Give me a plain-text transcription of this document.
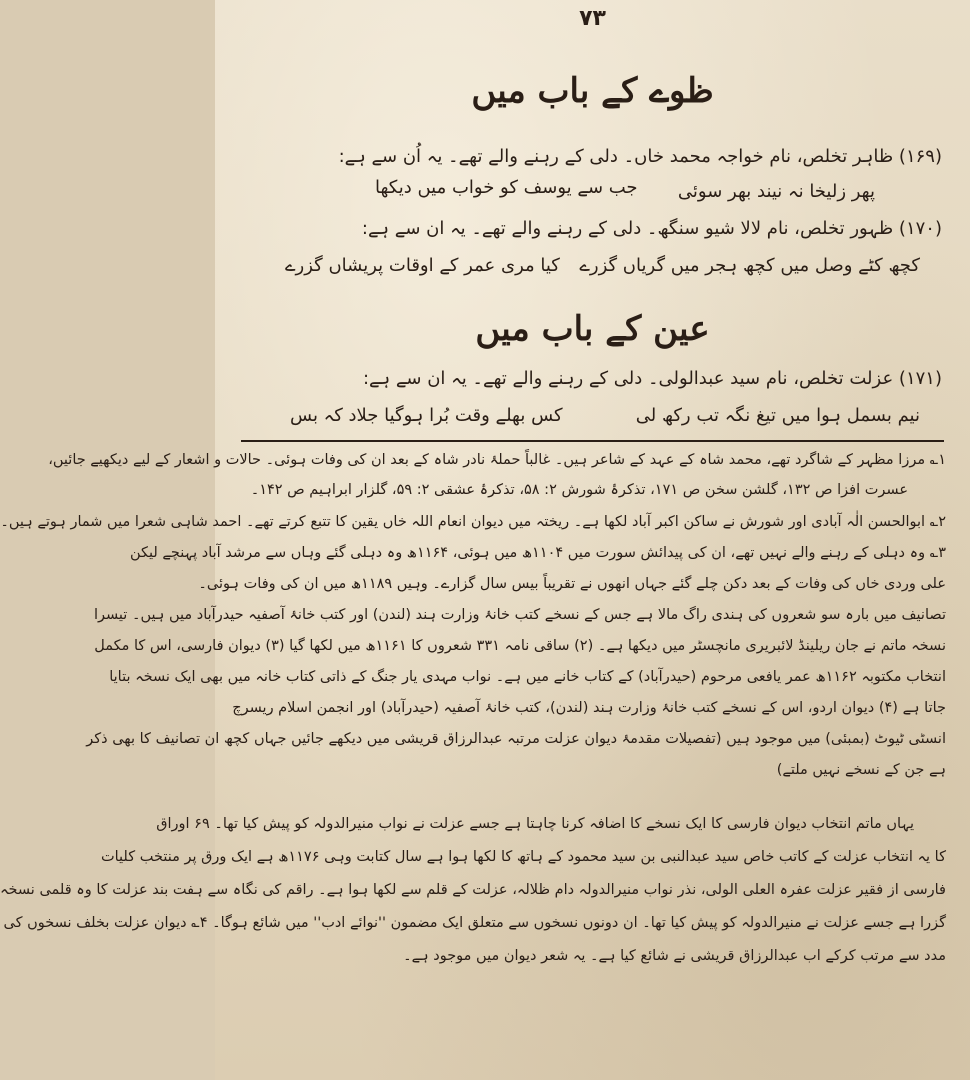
۷۳
ظوے کے باب میں
(۱۶۹) ظاہر تخلص، نام خواجہ محمد خاں۔ دلی کے رہنے والے تھے۔ یہ اُن سے ہے:
پھر زلیخا نہ نیند بھر سوئی
جب سے یوسف کو خواب میں دیکھا
(۱۷۰) ظہور تخلص، نام لالا شیو سنگھ۔ دلی کے رہنے والے تھے۔ یہ ان سے ہے:
کچھ کٹے وصل میں کچھ ہجر میں گریاں گزرے
کیا مری عمر کے اوقات پریشاں گزرے
عین کے باب میں
(۱۷۱) عزلت تخلص، نام سید عبدالولی۔ دلی کے رہنے والے تھے۔ یہ ان سے ہے:
نیم بسمل ہوا میں تیغ نگہ تب رکھ لی
کس بھلے وقت بُرا ہوگیا جلاد کہ بس
۱؎ مرزا مظہر کے شاگرد تھے، محمد شاہ کے عہد کے شاعر ہیں۔ غالباً حملۂ نادر شاہ کے بعد ان کی وفات ہوئی۔ حالات و اشعار کے لیے دیکھیے جائیں،
عسرت افزا ص ۱۳۲، گلشن سخن ص ۱۷۱، تذکرۂ شورش ۲: ۵۸، تذکرۂ عشقی ۲: ۵۹، گلزار ابراہیم ص ۱۴۲۔
۲؎ ابوالحسن الٰہ آبادی اور شورش نے ساکن اکبر آباد لکھا ہے۔ ریختہ میں دیوان انعام اللہ خاں یقین کا تتبع کرتے تھے۔ احمد شاہی شعرا میں شمار ہوتے ہیں۔
۳؎ وہ دہلی کے رہنے والے نہیں تھے، ان کی پیدائش سورت میں ۱۱۰۴ھ میں ہوئی، ۱۱۶۴ھ وہ دہلی گئے وہاں سے مرشد آباد پہنچے لیکن
علی وردی خاں کی وفات کے بعد دکن چلے گئے جہاں انھوں نے تقریباً بیس سال گزارے۔ وہیں ۱۱۸۹ھ میں ان کی وفات ہوئی۔
تصانیف میں بارہ سو شعروں کی ہندی راگ مالا ہے جس کے نسخے کتب خانۂ وزارت ہند (لندن) اور کتب خانۂ آصفیہ حیدرآباد میں ہیں۔ تیسرا
نسخہ ماتم نے جان ریلینڈ لائبریری مانچسٹر میں دیکھا ہے۔ (۲) ساقی نامہ ۳۳۱ شعروں کا ۱۱۶۱ھ میں لکھا گیا (۳) دیوان فارسی، اس کا مکمل
انتخاب مکتوبہ ۱۱۶۲ھ عمر یافعی مرحوم (حیدرآباد) کے کتاب خانے میں ہے۔ نواب مہدی یار جنگ کے ذاتی کتاب خانہ میں بھی ایک نسخہ بتایا
جاتا ہے (۴) دیوان اردو، اس کے نسخے کتب خانۂ وزارت ہند (لندن)، کتب خانۂ آصفیہ (حیدرآباد) اور انجمن اسلام ریسرچ
انسٹی ٹیوٹ (بمبئی) میں موجود ہیں (تفصیلات مقدمۂ دیوان عزلت مرتبہ عبدالرزاق قریشی میں دیکھے جائیں جہاں کچھ ان تصانیف کا بھی ذکر
ہے جن کے نسخے نہیں ملتے)
یہاں ماتم انتخاب دیوان فارسی کا ایک نسخے کا اضافہ کرنا چاہتا ہے جسے عزلت نے نواب منیرالدولہ کو پیش کیا تھا۔ ۶۹ اوراق
کا یہ انتخاب عزلت کے کاتب خاص سید عبدالنبی بن سید محمود کے ہاتھ کا لکھا ہوا ہے سال کتابت وہی ۱۱۷۶ھ ہے ایک ورق پر منتخب کلیات
فارسی از فقیر عزلت عفرہ العلی الولی، نذر نواب منیرالدولہ دام ظلالہ، عزلت کے قلم سے لکھا ہوا ہے۔ راقم کی نگاہ سے ہفت بند عزلت کا وہ قلمی نسخہ
گزرا ہے جسے عزلت نے منیرالدولہ کو پیش کیا تھا۔ ان دونوں نسخوں سے متعلق ایک مضمون ''نوائے ادب'' میں شائع ہوگا۔ ۴؎ دیوان عزلت بخلف نسخوں کی
مدد سے مرتب کرکے اب عبدالرزاق قریشی نے شائع کیا ہے۔ یہ شعر دیوان میں موجود ہے۔
